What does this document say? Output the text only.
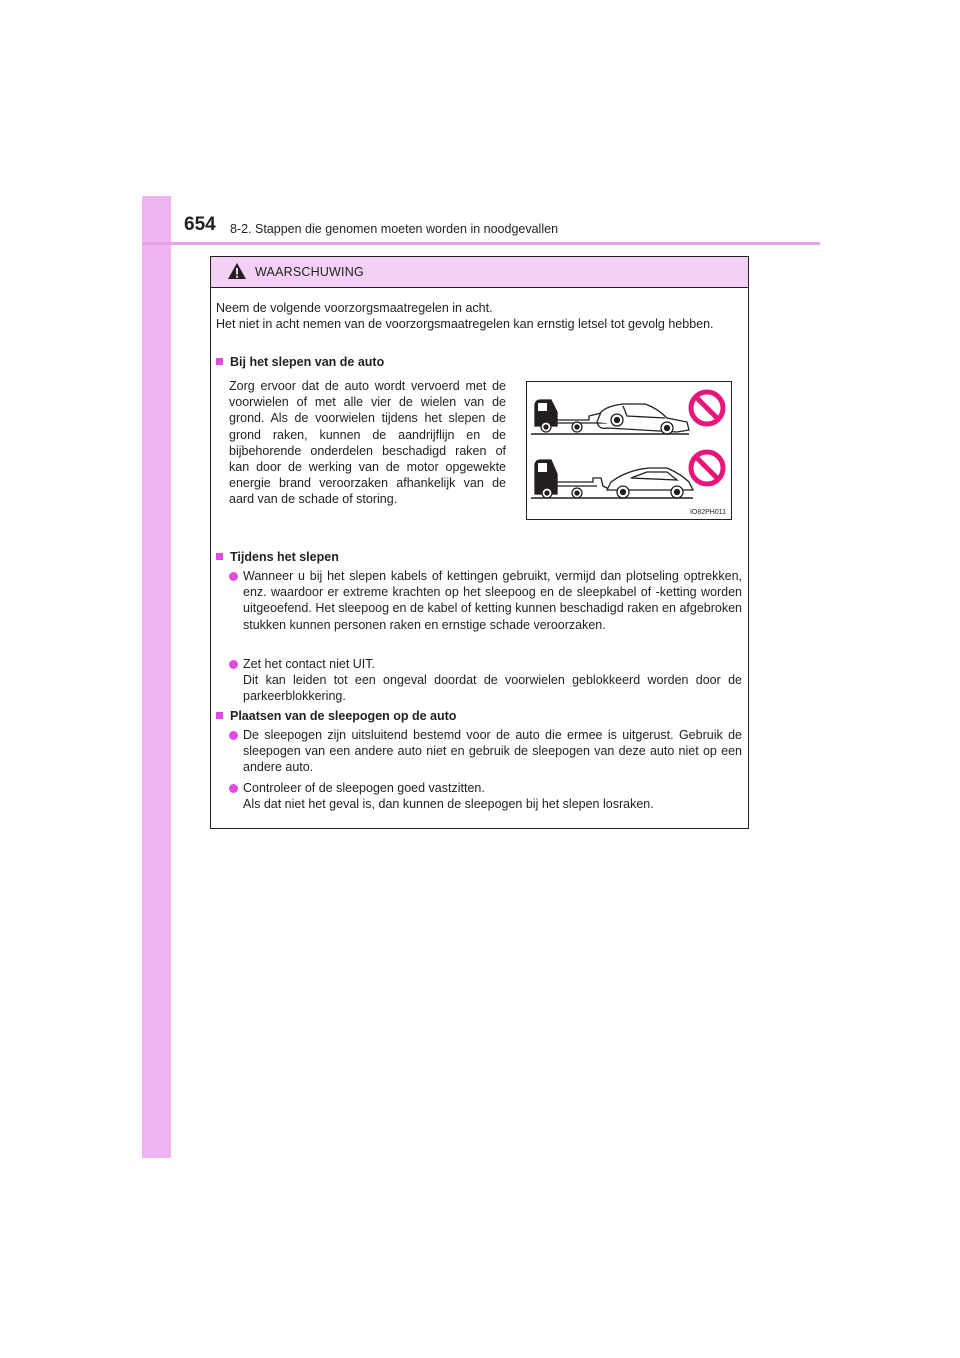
654 8-2. Stappen die genomen moeten worden in noodgevallen
WAARSCHUWING
Neem de volgende voorzorgsmaatregelen in acht.
Het niet in acht nemen van de voorzorgsmaatregelen kan ernstig letsel tot gevolg hebben.
Bij het slepen van de auto
Zorg ervoor dat de auto wordt vervoerd met de voorwielen of met alle vier de wielen van de grond. Als de voorwielen tijdens het slepen de grond raken, kunnen de aandrijflijn en de bijbehorende onderdelen beschadigd raken of kan door de werking van de motor opgewekte energie brand veroorzaken afhankelijk van de aard van de schade of storing.
IO82PH011
Tijdens het slepen
Wanneer u bij het slepen kabels of kettingen gebruikt, vermijd dan plotseling optrekken, enz. waardoor er extreme krachten op het sleepoog en de sleepkabel of -ketting worden uitgeoefend. Het sleepoog en de kabel of ketting kunnen beschadigd raken en afgebroken stukken kunnen personen raken en ernstige schade veroorzaken.
Zet het contact niet UIT.
Dit kan leiden tot een ongeval doordat de voorwielen geblokkeerd worden door de parkeerblokkering.
Plaatsen van de sleepogen op de auto
De sleepogen zijn uitsluitend bestemd voor de auto die ermee is uitgerust. Gebruik de sleepogen van een andere auto niet en gebruik de sleepogen van deze auto niet op een andere auto.
Controleer of de sleepogen goed vastzitten.
Als dat niet het geval is, dan kunnen de sleepogen bij het slepen losraken.
